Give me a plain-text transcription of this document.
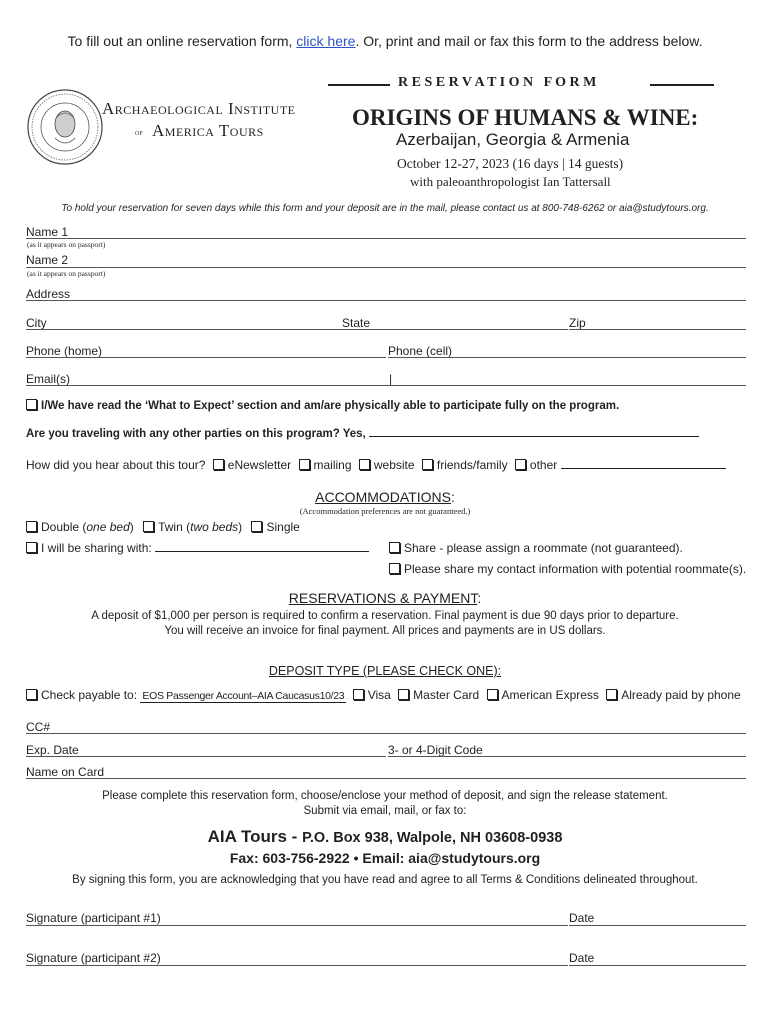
To fill out an online reservation form, click here. Or, print and mail or fax this form to the address below.
Archaeological Institute
of America Tours
R E S E R V A T I O N   F O R M
ORIGINS OF HUMANS & WINE:
Azerbaijan, Georgia & Armenia
October 12-27, 2023 (16 days | 14 guests)
with paleoanthropologist Ian Tattersall
To hold your reservation for seven days while this form and your deposit are in the mail, please contact us at 800-748-6262 or aia@studytours.org.
Name 1
(as it appears on passport)
Name 2
(as it appears on passport)
Address
City	State	Zip
Phone (home)	Phone (cell)
Email(s)	|
I/We have read the ‘What to Expect’ section and am/are physically able to participate fully on the program.
Are you traveling with any other parties on this program? Yes,
How did you hear about this tour? eNewsletter mailing website friends/family other
ACCOMMODATIONS:
(Accommodation preferences are not guaranteed.)
Double (one bed) Twin (two beds) Single
I will be sharing with:	Share - please assign a roommate (not guaranteed).
Please share my contact information with potential roommate(s).
RESERVATIONS & PAYMENT:
A deposit of $1,000 per person is required to confirm a reservation. Final payment is due 90 days prior to departure.
You will receive an invoice for final payment. All prices and payments are in US dollars.
DEPOSIT TYPE (PLEASE CHECK ONE):
Check payable to: EOS Passenger Account–AIA Caucasus10/23 Visa Master Card American Express Already paid by phone
CC#
Exp. Date	3- or 4-Digit Code
Name on Card
Please complete this reservation form, choose/enclose your method of deposit, and sign the release statement.
Submit via email, mail, or fax to:
AIA Tours - P.O. Box 938, Walpole, NH 03608-0938
Fax: 603-756-2922 • Email: aia@studytours.org
By signing this form, you are acknowledging that you have read and agree to all Terms & Conditions delineated throughout.
Signature (participant #1)	Date
Signature (participant #2)	Date
